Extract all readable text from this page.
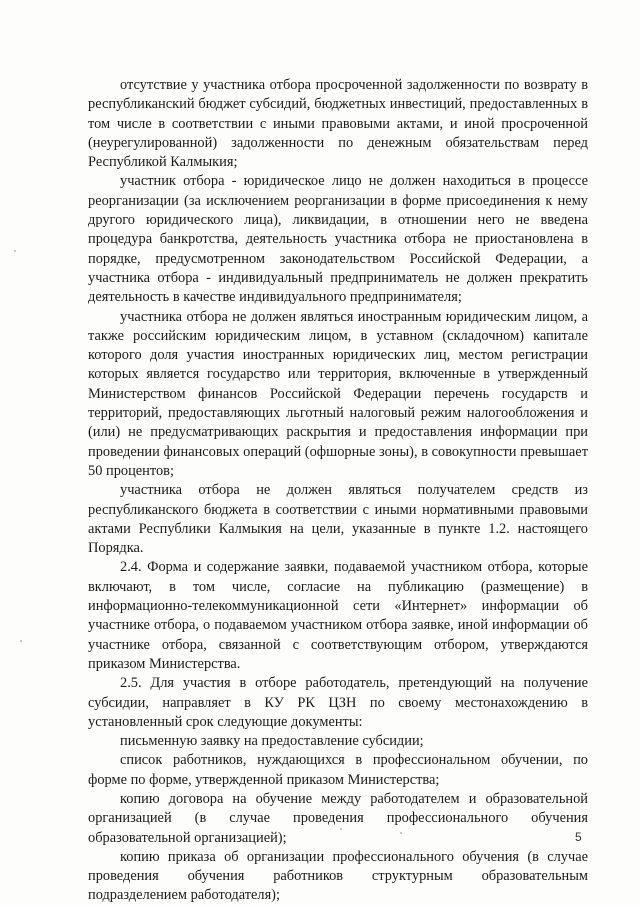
отсутствие у участника отбора просроченной задолженности по возврату в республиканский бюджет субсидий, бюджетных инвестиций, предоставленных в том числе в соответствии с иными правовыми актами, и иной просроченной (неурегулированной) задолженности по денежным обязательствам перед Республикой Калмыкия;

участник отбора - юридическое лицо не должен находиться в процессе реорганизации (за исключением реорганизации в форме присоединения к нему другого юридического лица), ликвидации, в отношении него не введена процедура банкротства, деятельность участника отбора не приостановлена в порядке, предусмотренном законодательством Российской Федерации, а участника отбора - индивидуальный предприниматель не должен прекратить деятельность в качестве индивидуального предпринимателя;

участника отбора не должен являться иностранным юридическим лицом, а также российским юридическим лицом, в уставном (складочном) капитале которого доля участия иностранных юридических лиц, местом регистрации которых является государство или территория, включенные в утвержденный Министерством финансов Российской Федерации перечень государств и территорий, предоставляющих льготный налоговый режим налогообложения и (или) не предусматривающих раскрытия и предоставления информации при проведении финансовых операций (офшорные зоны), в совокупности превышает 50 процентов;

участника отбора не должен являться получателем средств из республиканского бюджета в соответствии с иными нормативными правовыми актами Республики Калмыкия на цели, указанные в пункте 1.2. настоящего Порядка.

2.4. Форма и содержание заявки, подаваемой участником отбора, которые включают, в том числе, согласие на публикацию (размещение) в информационно-телекоммуникационной сети «Интернет» информации об участнике отбора, о подаваемом участником отбора заявке, иной информации об участнике отбора, связанной с соответствующим отбором, утверждаются приказом Министерства.

2.5. Для участия в отборе работодатель, претендующий на получение субсидии, направляет в КУ РК ЦЗН по своему местонахождению в установленный срок следующие документы:

письменную заявку на предоставление субсидии;

список работников, нуждающихся в профессиональном обучении, по форме по форме, утвержденной приказом Министерства;

копию договора на обучение между работодателем и образовательной организацией (в случае проведения профессионального обучения образовательной организацией);

копию приказа об организации профессионального обучения (в случае проведения обучения работников структурным образовательным подразделением работодателя);

5
